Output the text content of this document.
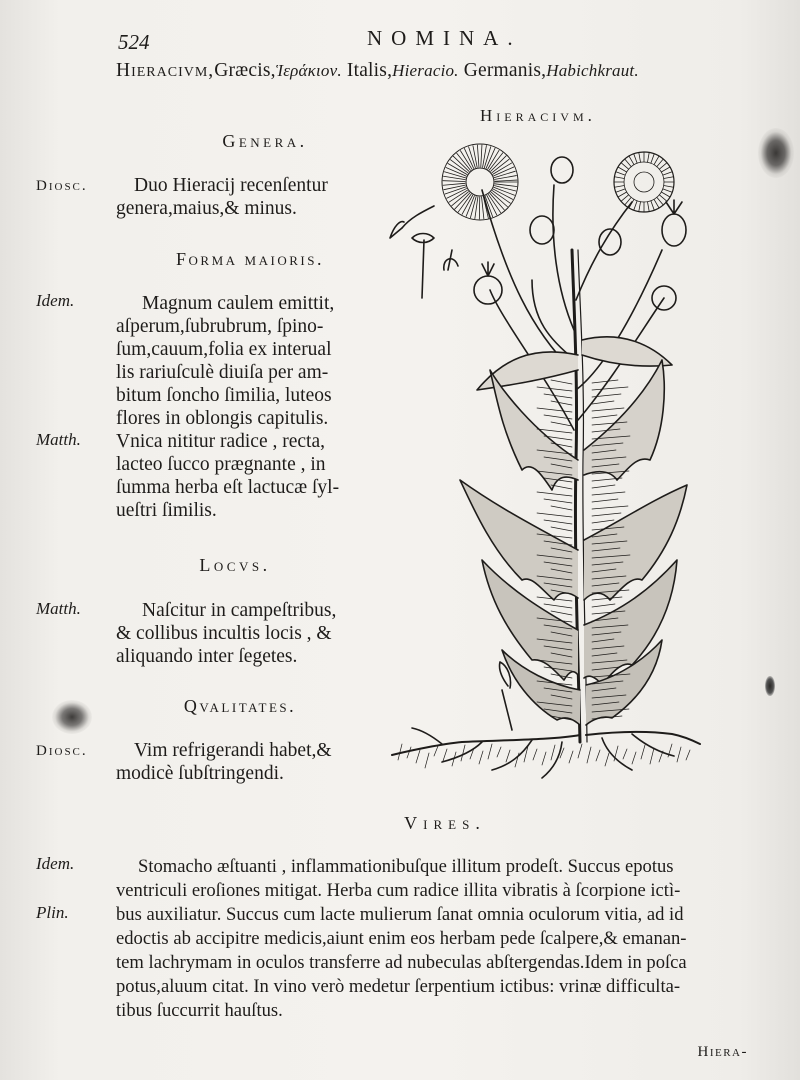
524	NOMINA.
Hieracivm,Græcis,Ἱεράκιον. Italis,Hieracio. Germanis,Habichkraut.
Hieracivm.
Genera.
Diosc.	Duo Hieracij recenſentur
genera,maius,& minus.
Forma maioris.
Idem.
Matth.
Magnum caulem emittit,
aſperum,ſubrubrum, ſpino-
ſum,cauum,folia ex interual
lis rariuſculè diuiſa per am-
bitum ſoncho ſimilia, luteos
flores in oblongis capitulis.
Vnica nititur radice , recta,
lacteo ſucco prægnante , in
ſumma herba eſt lactucæ ſyl-
ueſtri ſimilis.
Locvs.
Matth.	Naſcitur in campeſtribus,
& collibus incultis locis , &
aliquando inter ſegetes.
Qvalitates.
Diosc.	Vim refrigerandi habet,&
modicè ſubſtringendi.
Vires.
Idem.
Plin.
Stomacho æſtuanti , inflammationibuſque illitum prodeſt. Succus epotus
ventriculi eroſiones mitigat. Herba cum radice illita vibratis à ſcorpione ictì-
bus auxiliatur. Succus cum lacte mulierum ſanat omnia oculorum vitia, ad id
edoctis ab accipitre medicis,aiunt enim eos herbam pede ſcalpere,& emanan-
tem lachrymam in oculos transferre ad nubeculas abſtergendas.Idem in poſca
potus,aluum citat. In vino verò medetur ſerpentium ictibus: vrinæ difficulta-
tibus ſuccurrit hauſtus.
Hiera-
